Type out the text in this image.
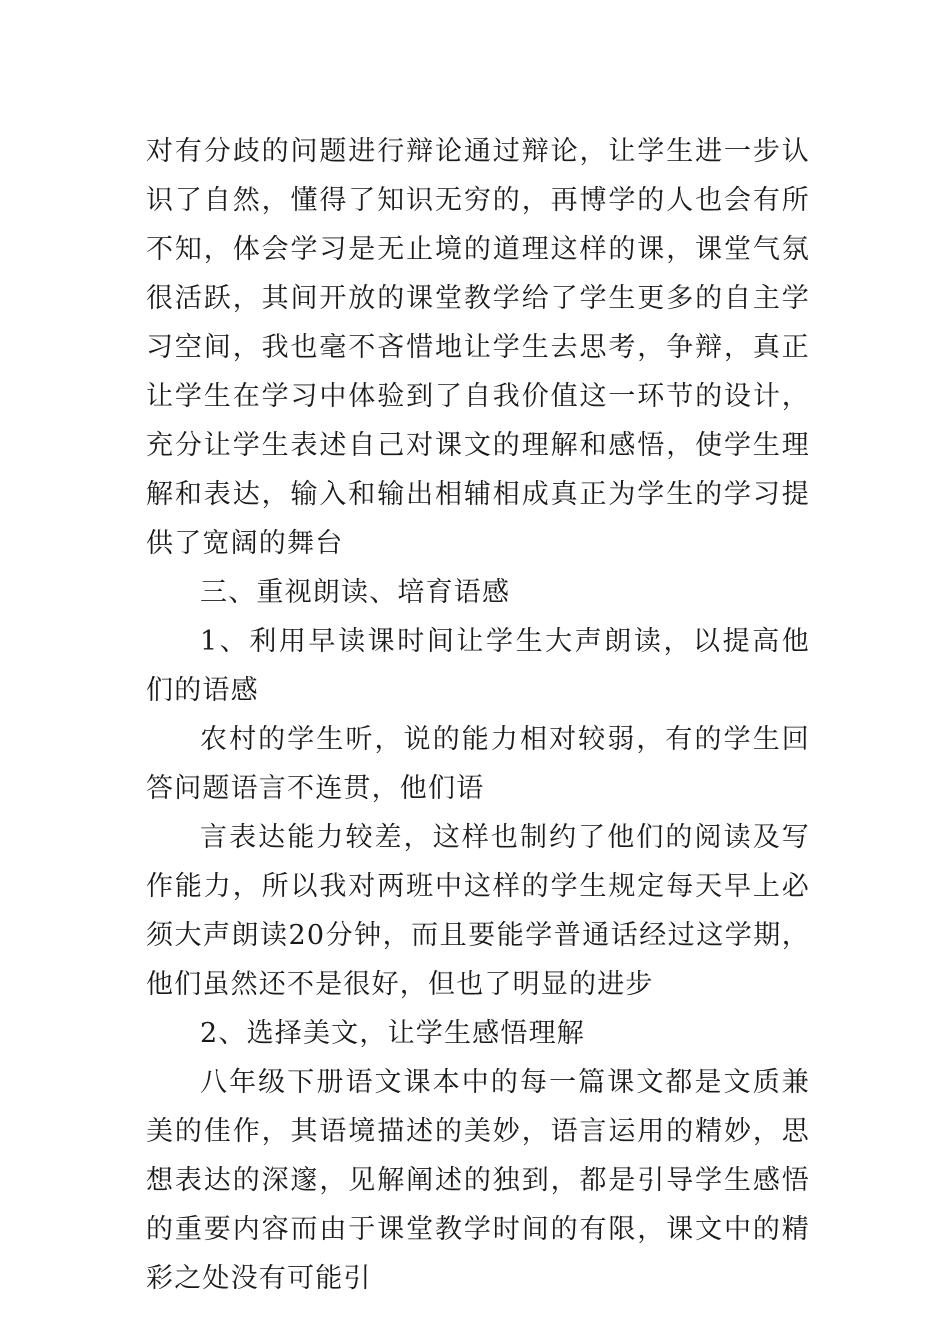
对有分歧的问题进行辩论通过辩论，让学生进一步认识了自然，懂得了知识无穷的，再博学的人也会有所不知，体会学习是无止境的道理这样的课，课堂气氛很活跃，其间开放的课堂教学给了学生更多的自主学习空间，我也毫不吝惜地让学生去思考，争辩，真正让学生在学习中体验到了自我价值这一环节的设计，充分让学生表述自己对课文的理解和感悟，使学生理解和表达，输入和输出相辅相成真正为学生的学习提供了宽阔的舞台

三、重视朗读、培育语感

1、利用早读课时间让学生大声朗读，以提高他们的语感

农村的学生听，说的能力相对较弱，有的学生回答问题语言不连贯，他们语

言表达能力较差，这样也制约了他们的阅读及写作能力，所以我对两班中这样的学生规定每天早上必须大声朗读20分钟，而且要能学普通话经过这学期，他们虽然还不是很好，但也了明显的进步

2、选择美文，让学生感悟理解

八年级下册语文课本中的每一篇课文都是文质兼美的佳作，其语境描述的美妙，语言运用的精妙，思想表达的深邃，见解阐述的独到，都是引导学生感悟的重要内容而由于课堂教学时间的有限，课文中的精彩之处没有可能引
